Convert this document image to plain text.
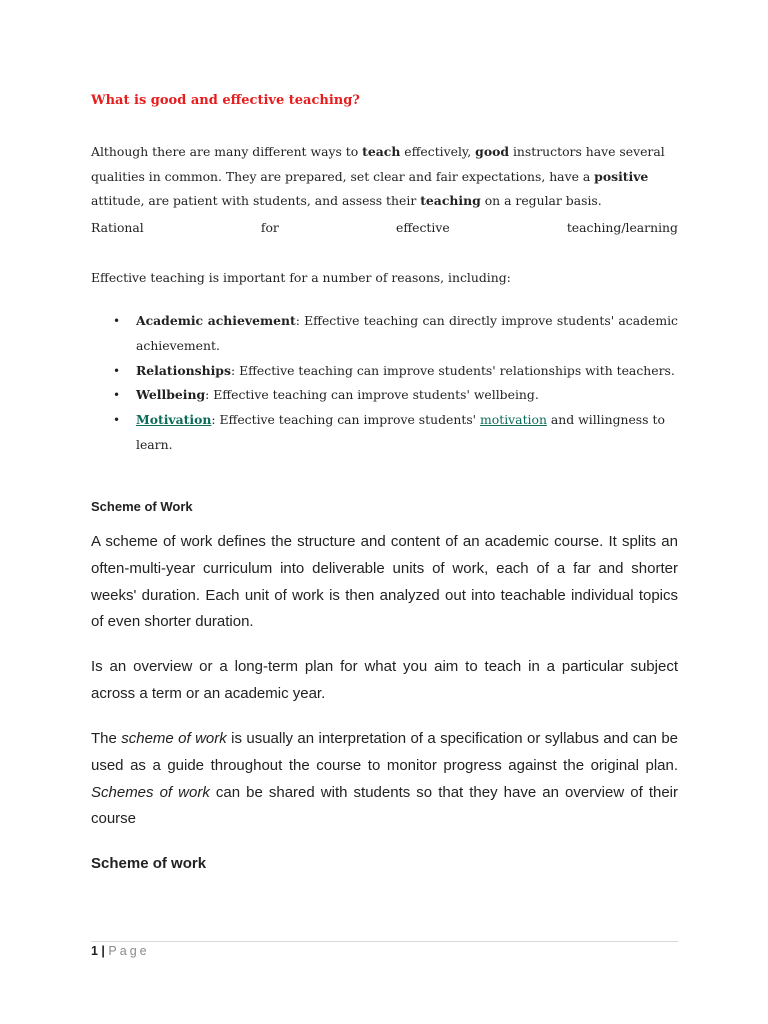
What is good and effective teaching?

Although there are many different ways to teach effectively, good instructors have several qualities in common. They are prepared, set clear and fair expectations, have a positive attitude, are patient with students, and assess their teaching on a regular basis.

Rational	for	effective	teaching/learning

Effective teaching is important for a number of reasons, including:

• Academic achievement: Effective teaching can directly improve students' academic achievement.
• Relationships: Effective teaching can improve students' relationships with teachers.
• Wellbeing: Effective teaching can improve students' wellbeing.
• Motivation: Effective teaching can improve students' motivation and willingness to learn.
Scheme of Work

A scheme of work defines the structure and content of an academic course. It splits an often-multi-year curriculum into deliverable units of work, each of a far and shorter weeks' duration. Each unit of work is then analyzed out into teachable individual topics of even shorter duration.

Is an overview or a long-term plan for what you aim to teach in a particular subject across a term or an academic year.

The scheme of work is usually an interpretation of a specification or syllabus and can be used as a guide throughout the course to monitor progress against the original plan. Schemes of work can be shared with students so that they have an overview of their course

Scheme of work
1 | Page
